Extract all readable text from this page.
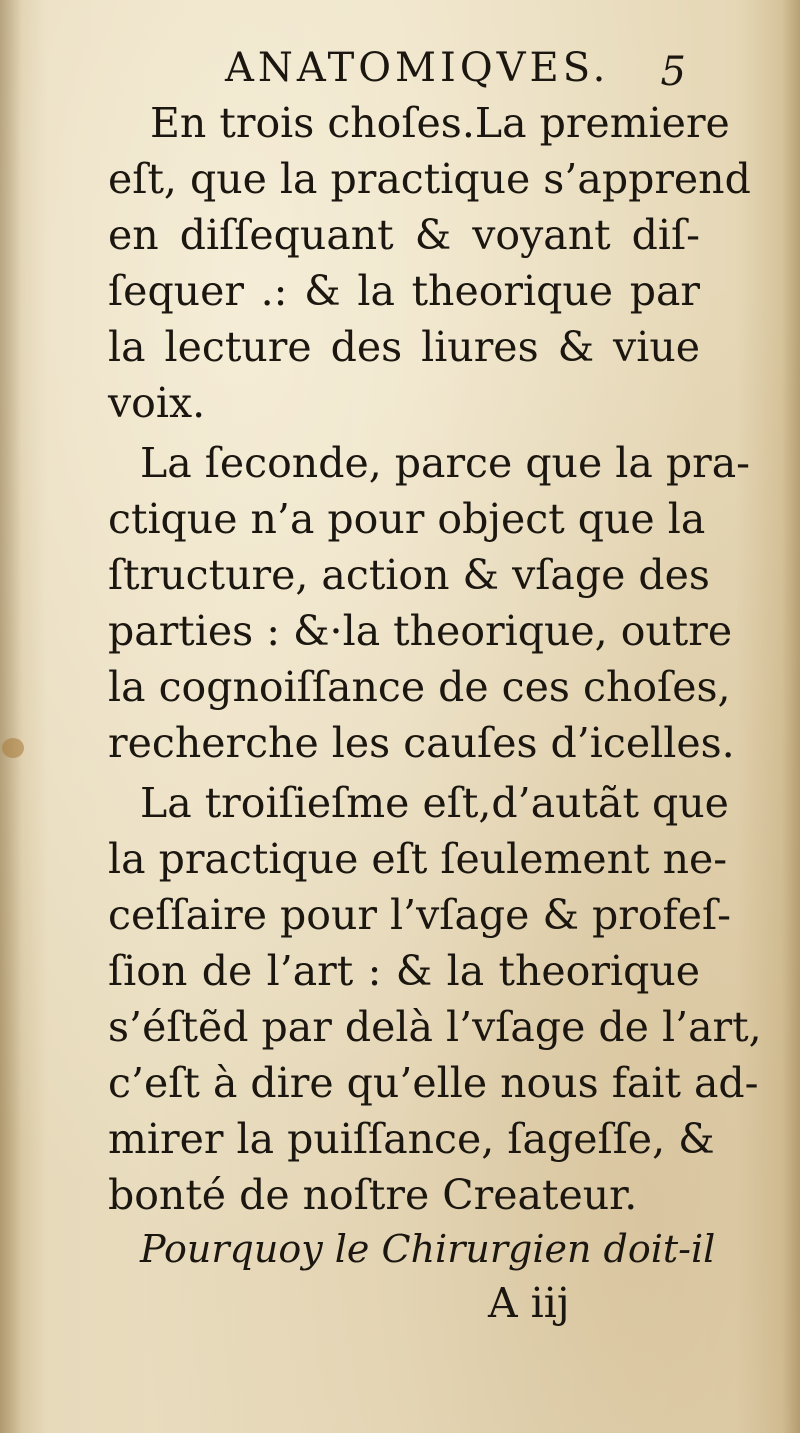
ANATOMIQVES. 5
En trois choſes.La premiere
eſt, que la practique s’apprend
en diſſequant & voyant diſ-
ſequer .: & la theorique par
la lecture des liures & viue
voix.
La ſeconde, parce que la pra-
ctique n’a pour object que la
ſtructure, action & vſage des
parties : &·la theorique, outre
la cognoiſſance de ces choſes,
recherche les cauſes d’icelles.
La troiſieſme eſt,d’autãt que
la practique eſt ſeulement ne-
ceſſaire pour l’vſage & profeſ-
ſion de l’art : & la theorique
s’éſtẽd par delà l’vſage de l’art,
c’eſt à dire qu’elle nous fait ad-
mirer la puiſſance, ſageſſe, &
bonté de noſtre Createur.
Pourquoy le Chirurgien doit-il
A iij
